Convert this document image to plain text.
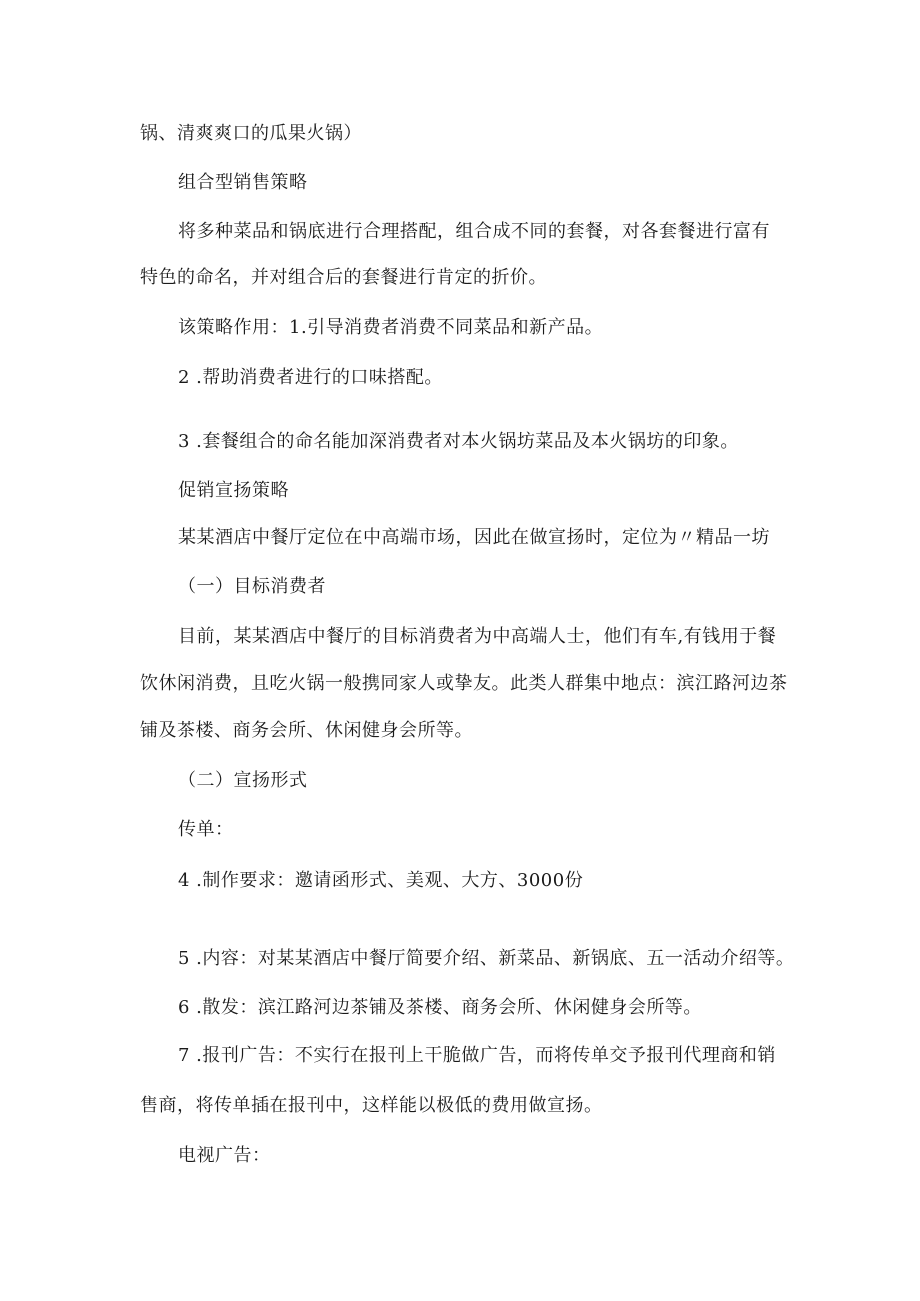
锅、清爽爽口的瓜果火锅）
组合型销售策略
将多种菜品和锅底进行合理搭配，组合成不同的套餐，对各套餐进行富有
特色的命名，并对组合后的套餐进行肯定的折价。
该策略作用：1.引导消费者消费不同菜品和新产品。
2 .帮助消费者进行的口味搭配。
3 .套餐组合的命名能加深消费者对本火锅坊菜品及本火锅坊的印象。
促销宣扬策略
某某酒店中餐厅定位在中高端市场，因此在做宣扬时，定位为〃精品一坊
（一）目标消费者
目前，某某酒店中餐厅的目标消费者为中高端人士，他们有车,有钱用于餐
饮休闲消费，且吃火锅一般携同家人或挚友。此类人群集中地点：滨江路河边茶
铺及茶楼、商务会所、休闲健身会所等。
（二）宣扬形式
传单：
4 .制作要求：邀请函形式、美观、大方、3000份
5 .内容：对某某酒店中餐厅简要介绍、新菜品、新锅底、五一活动介绍等。
6 .散发：滨江路河边茶铺及茶楼、商务会所、休闲健身会所等。
7 .报刊广告：不实行在报刊上干脆做广告，而将传单交予报刊代理商和销
售商，将传单插在报刊中，这样能以极低的费用做宣扬。
电视广告：
